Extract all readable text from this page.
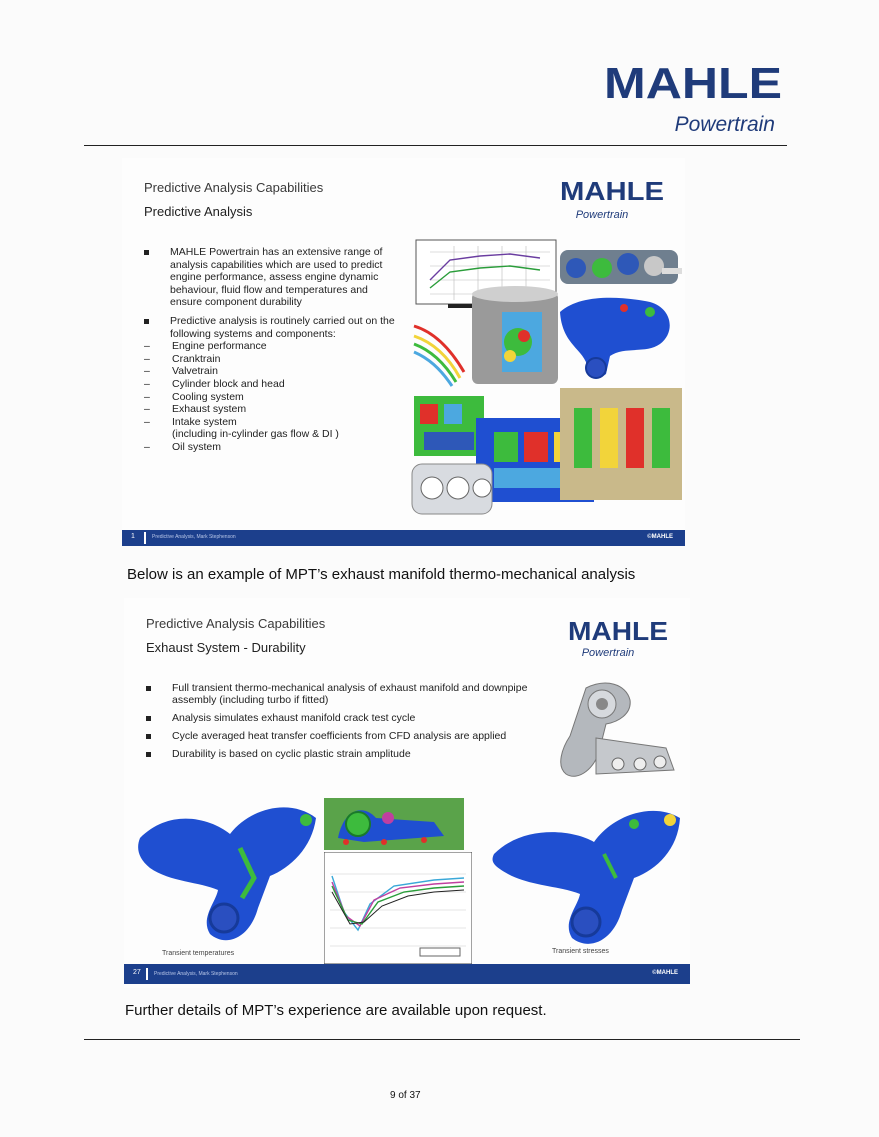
MAHLE
Powertrain
Predictive Analysis Capabilities
Predictive Analysis
MAHLE
Powertrain
MAHLE Powertrain has an extensive range of analysis capabilities which are used to predict engine performance, assess engine dynamic behaviour, fluid flow and temperatures and ensure component durability
Predictive analysis is routinely carried out on the following systems and components:
– Engine performance
– Cranktrain
– Valvetrain
– Cylinder block and head
– Cooling system
– Exhaust system
– Intake system
(including in-cylinder gas flow & DI )
– Oil system
1	Predictive Analysis, Mark Stephenson	©MAHLE
Below is an example of MPT’s exhaust manifold thermo-mechanical analysis
Predictive Analysis Capabilities
Exhaust System - Durability
MAHLE
Powertrain
Full transient thermo-mechanical analysis of exhaust manifold and downpipe assembly (including turbo if fitted)
Analysis simulates exhaust manifold crack test cycle
Cycle averaged heat transfer coefficients from CFD analysis are applied
Durability is based on cyclic plastic strain amplitude
Transient temperatures	Transient stresses
27	Predictive Analysis, Mark Stephenson	©MAHLE
Further details of MPT’s experience are available upon request.
9 of 37
